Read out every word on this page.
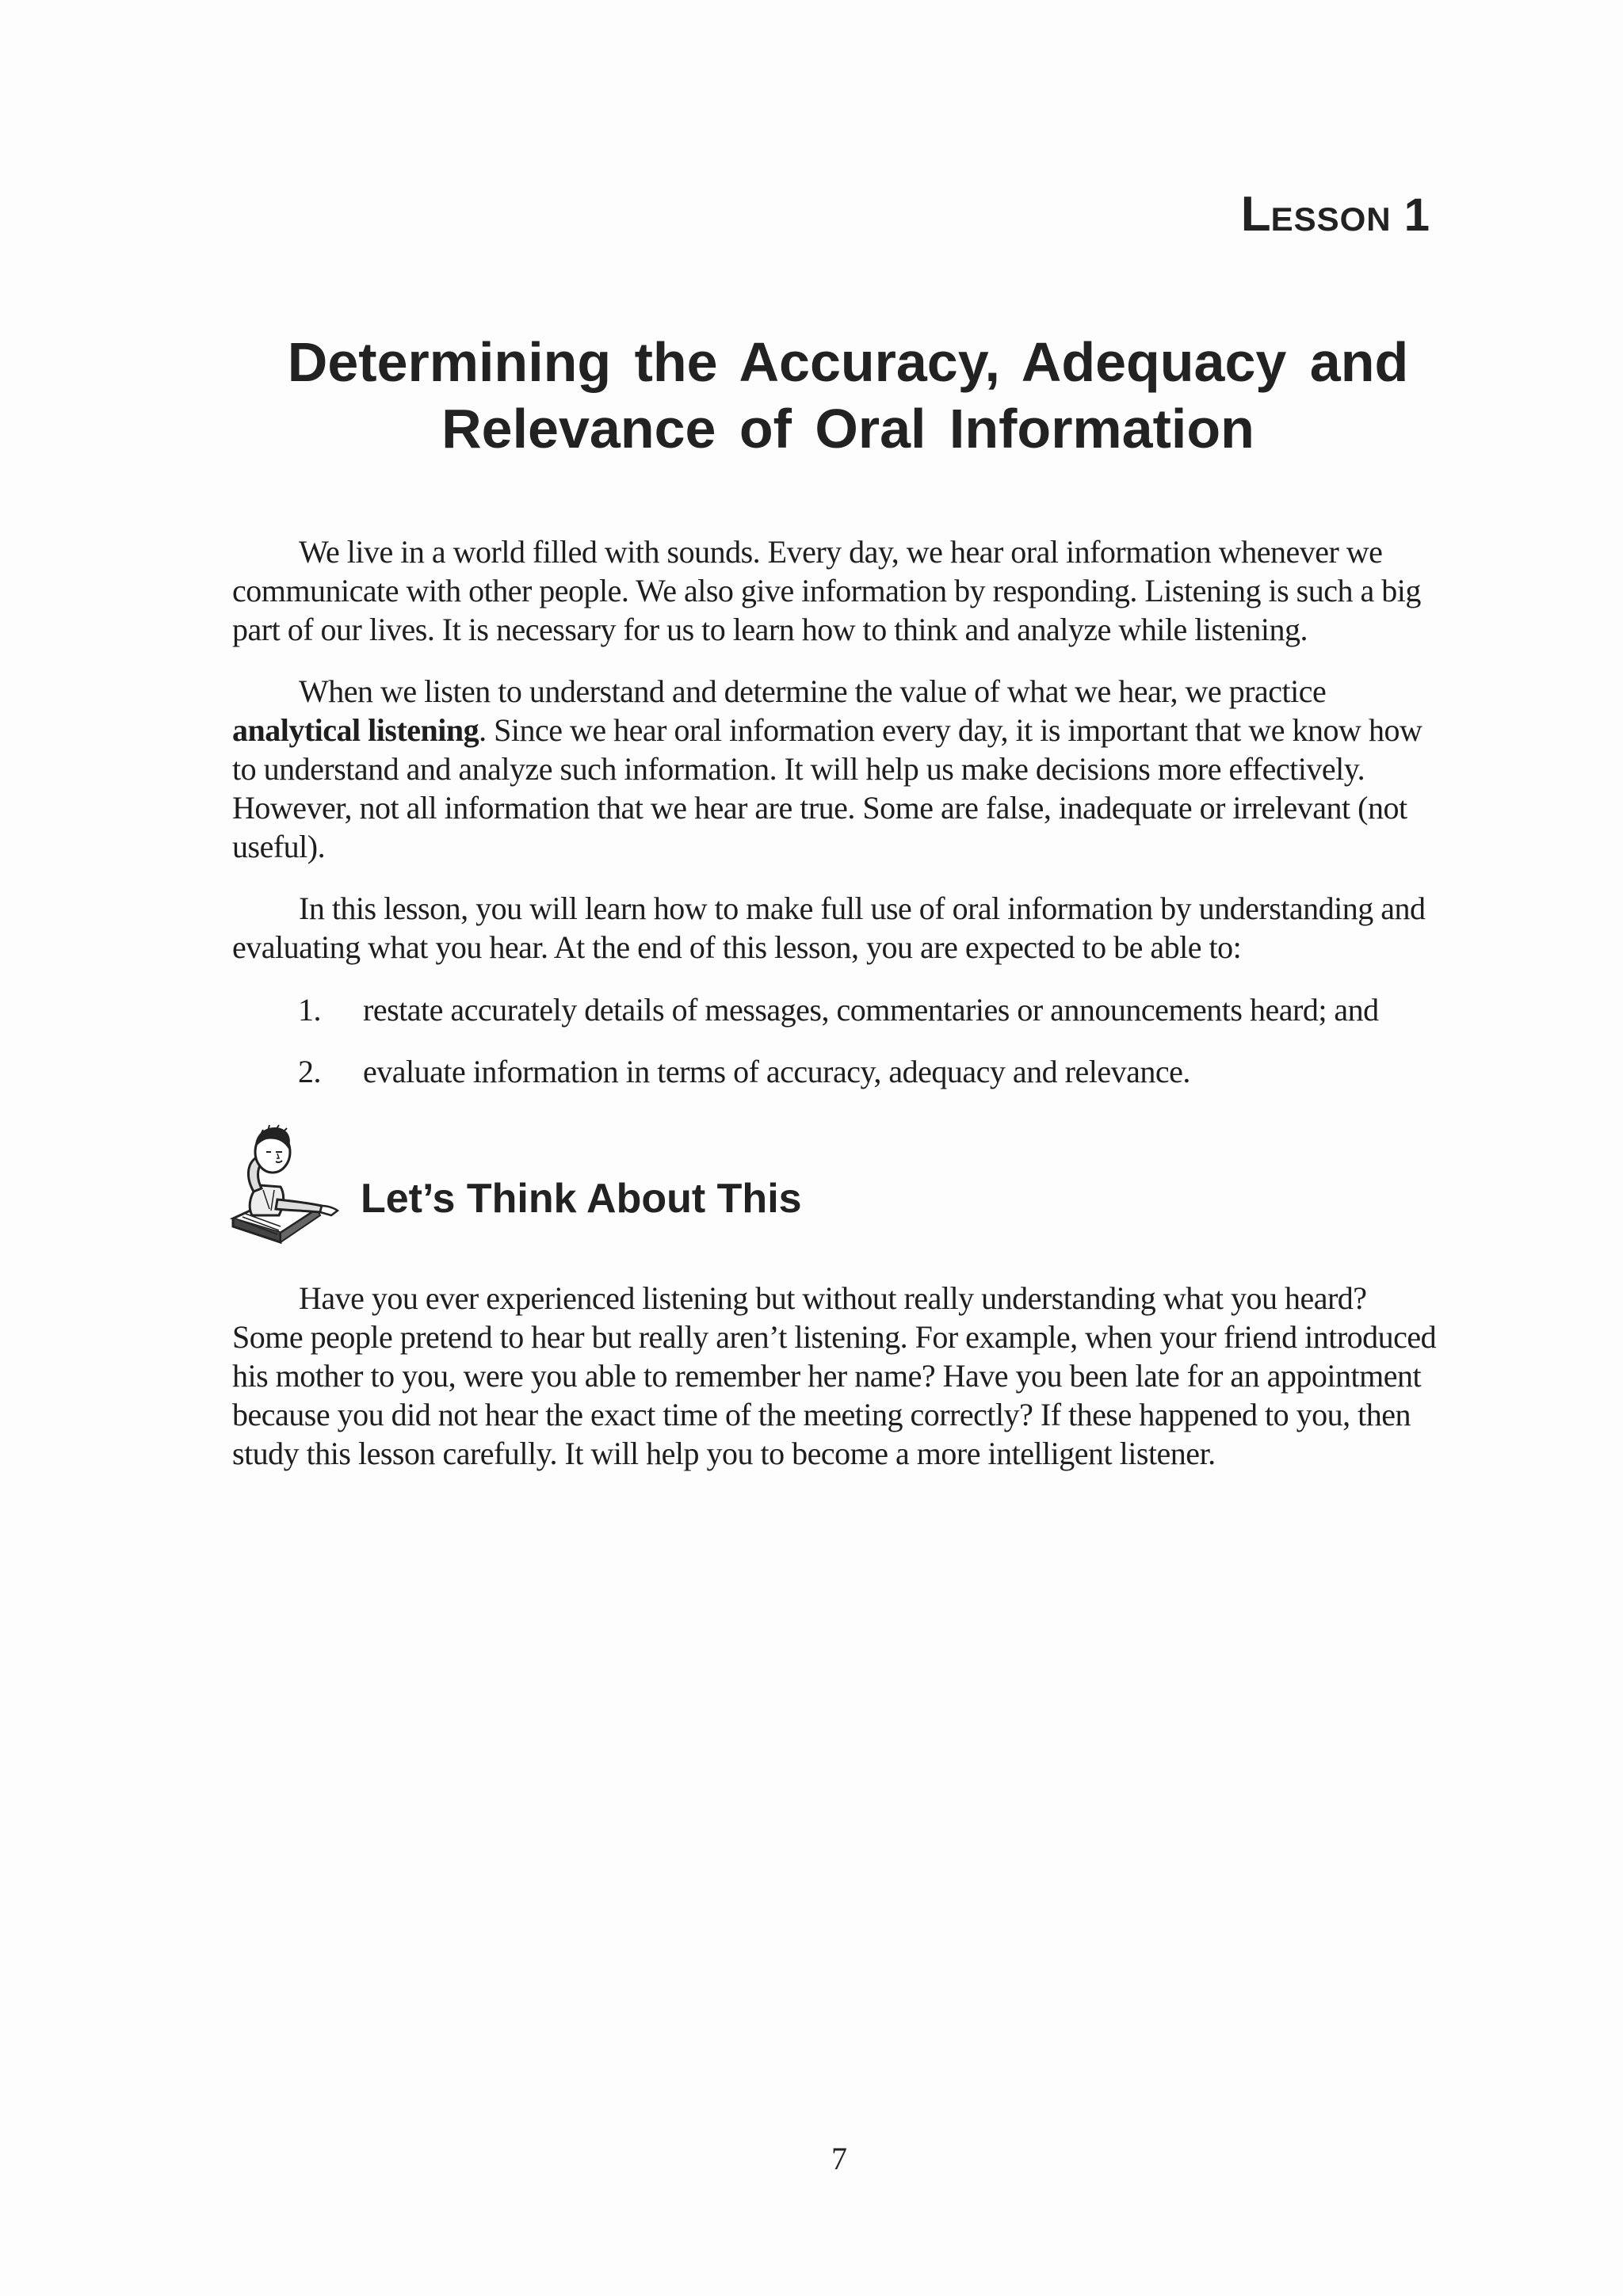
LESSON 1
Determining the Accuracy, Adequacy and
Relevance of Oral Information

We live in a world filled with sounds. Every day, we hear oral information whenever we communicate with other people. We also give information by responding. Listening is such a big part of our lives. It is necessary for us to learn how to think and analyze while listening.

When we listen to understand and determine the value of what we hear, we practice analytical listening. Since we hear oral information every day, it is important that we know how to understand and analyze such information. It will help us make decisions more effectively. However, not all information that we hear are true. Some are false, inadequate or irrelevant (not useful).

In this lesson, you will learn how to make full use of oral information by understanding and evaluating what you hear. At the end of this lesson, you are expected to be able to:

1. restate accurately details of messages, commentaries or announcements heard; and
2. evaluate information in terms of accuracy, adequacy and relevance.
Let’s Think About This

Have you ever experienced listening but without really understanding what you heard? Some people pretend to hear but really aren’t listening. For example, when your friend introduced his mother to you, were you able to remember her name? Have you been late for an appointment because you did not hear the exact time of the meeting correctly? If these happened to you, then study this lesson carefully. It will help you to become a more intelligent listener.

7
